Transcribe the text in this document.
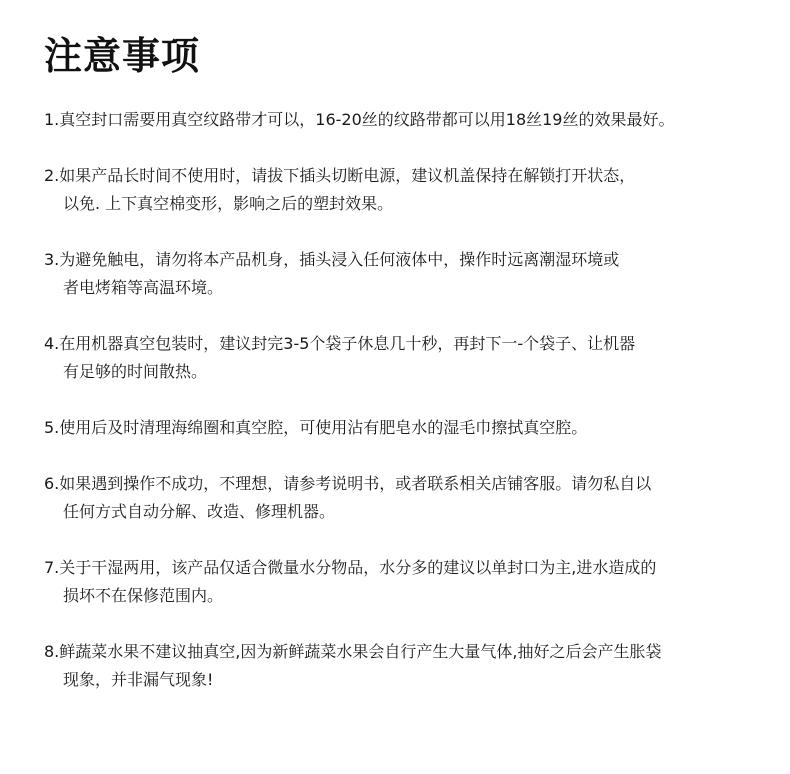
注意事项
1.真空封口需要用真空纹路带才可以，16-20丝的纹路带都可以用18丝19丝的效果最好。
2.如果产品长时间不使用时，请拔下插头切断电源，建议机盖保持在解锁打开状态，
以免. 上下真空棉变形，影响之后的塑封效果。
3.为避免触电，请勿将本产品机身，插头浸入任何液体中，操作时远离潮湿环境或
者电烤箱等高温环境。
4.在用机器真空包装时，建议封完3-5个袋子休息几十秒，再封下一-个袋子、让机器
有足够的时间散热。
5.使用后及时清理海绵圈和真空腔，可使用沾有肥皂水的湿毛巾擦拭真空腔。
6.如果遇到操作不成功，不理想，请参考说明书，或者联系相关店铺客服。请勿私自以
任何方式自动分解、改造、修理机器。
7.关于干湿两用，该产品仅适合微量水分物品，水分多的建议以单封口为主,进水造成的
损坏不在保修范围内。
8.鲜蔬菜水果不建议抽真空,因为新鲜蔬菜水果会自行产生大量气体,抽好之后会产生胀袋
现象，并非漏气现象!
